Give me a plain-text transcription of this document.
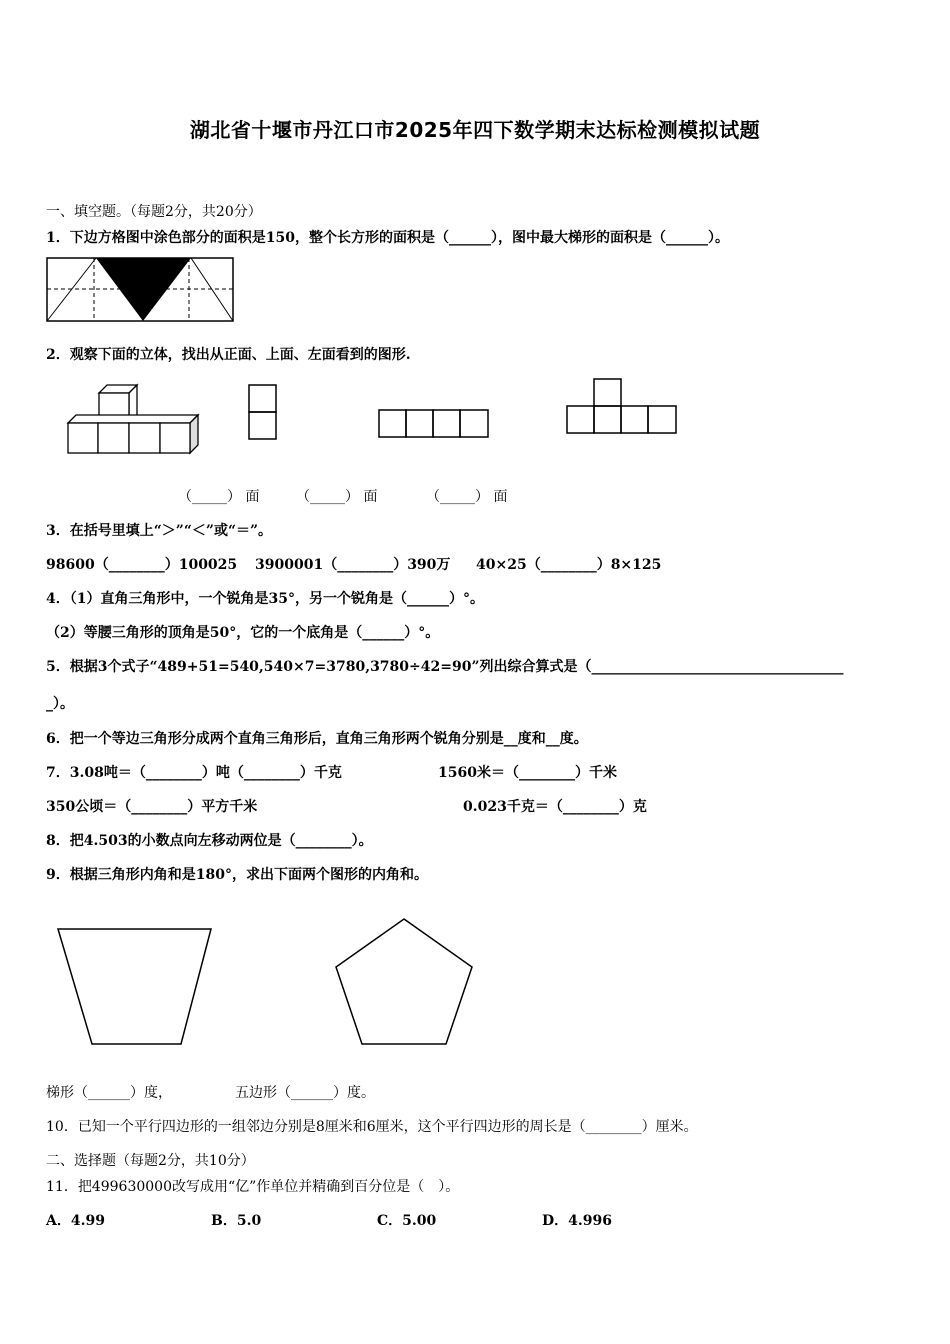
湖北省十堰市丹江口市2025年四下数学期末达标检测模拟试题
一、填空题。（每题2分，共20分）
1．下边方格图中涂色部分的面积是150，整个长方形的面积是（______），图中最大梯形的面积是（______）。
2．观察下面的立体，找出从正面、上面、左面看到的图形.
（_____） 面	（_____） 面	（_____） 面
3．在括号里填上“＞”“＜”或“＝”。
98600（________）100025 3900001（________）390万 40×25（________）8×125
4．（1）直角三角形中，一个锐角是35°，另一个锐角是（______）°。
（2）等腰三角形的顶角是50°，它的一个底角是（______）°。
5．根据3个式子“489+51=540,540×7=3780,3780÷42=90”列出综合算式是（____________________________________
_）。
6．把一个等边三角形分成两个直角三角形后，直角三角形两个锐角分别是__度和__度。
7．3.08吨＝（________）吨（________）千克	1560米＝（________）千米
350公顷＝（________）平方千米	0.023千克＝（________）克
8．把4.503的小数点向左移动两位是（________）。
9．根据三角形内角和是180°，求出下面两个图形的内角和。
梯形（______）度，	五边形（______）度。
10．已知一个平行四边形的一组邻边分别是8厘米和6厘米，这个平行四边形的周长是（________）厘米。
二、选择题（每题2分，共10分）
11．把499630000改写成用“亿”作单位并精确到百分位是（　）。
A．4.99	B．5.0	C．5.00	D．4.996
